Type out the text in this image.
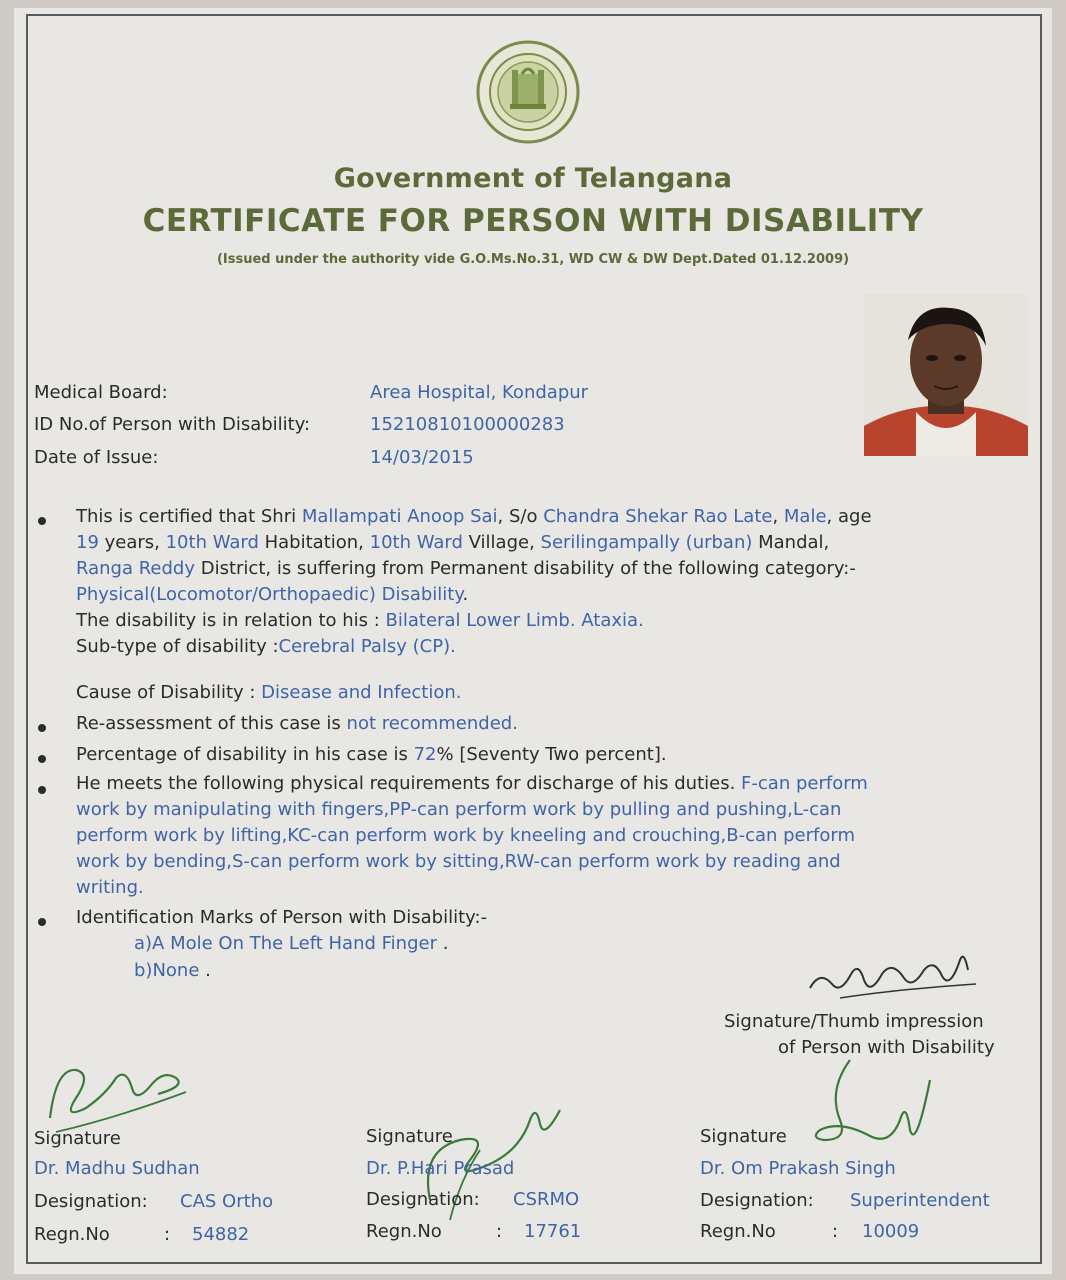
Government of Telangana
CERTIFICATE FOR PERSON WITH DISABILITY
(Issued under the authority vide G.O.Ms.No.31, WD CW & DW Dept.Dated 01.12.2009)
Medical Board:	Area Hospital, Kondapur
ID No.of Person with Disability:	15210810100000283
Date of Issue:	14/03/2015
This is certified that Shri Mallampati Anoop Sai, S/o Chandra Shekar Rao Late, Male, age
19 years, 10th Ward Habitation, 10th Ward Village, Serilingampally (urban) Mandal,
Ranga Reddy District, is suffering from Permanent disability of the following category:-
Physical(Locomotor/Orthopaedic) Disability.
The disability is in relation to his : Bilateral Lower Limb. Ataxia.
Sub-type of disability :Cerebral Palsy (CP).
Cause of Disability : Disease and Infection.
Re-assessment of this case is not recommended.
Percentage of disability in his case is 72% [Seventy Two percent].
He meets the following physical requirements for discharge of his duties. F-can perform
work by manipulating with fingers,PP-can perform work by pulling and pushing,L-can
perform work by lifting,KC-can perform work by kneeling and crouching,B-can perform
work by bending,S-can perform work by sitting,RW-can perform work by reading and
writing.
Identification Marks of Person with Disability:-
a)A Mole On The Left Hand Finger .
b)None .
Signature/Thumb impression
of Person with Disability
Signature
Dr. Madhu Sudhan
Designation: CAS Ortho
Regn.No	: 54882
Signature
Dr. P.Hari Prasad
Designation: CSRMO
Regn.No	: 17761
Signature
Dr. Om Prakash Singh
Designation: Superintendent
Regn.No	: 10009
